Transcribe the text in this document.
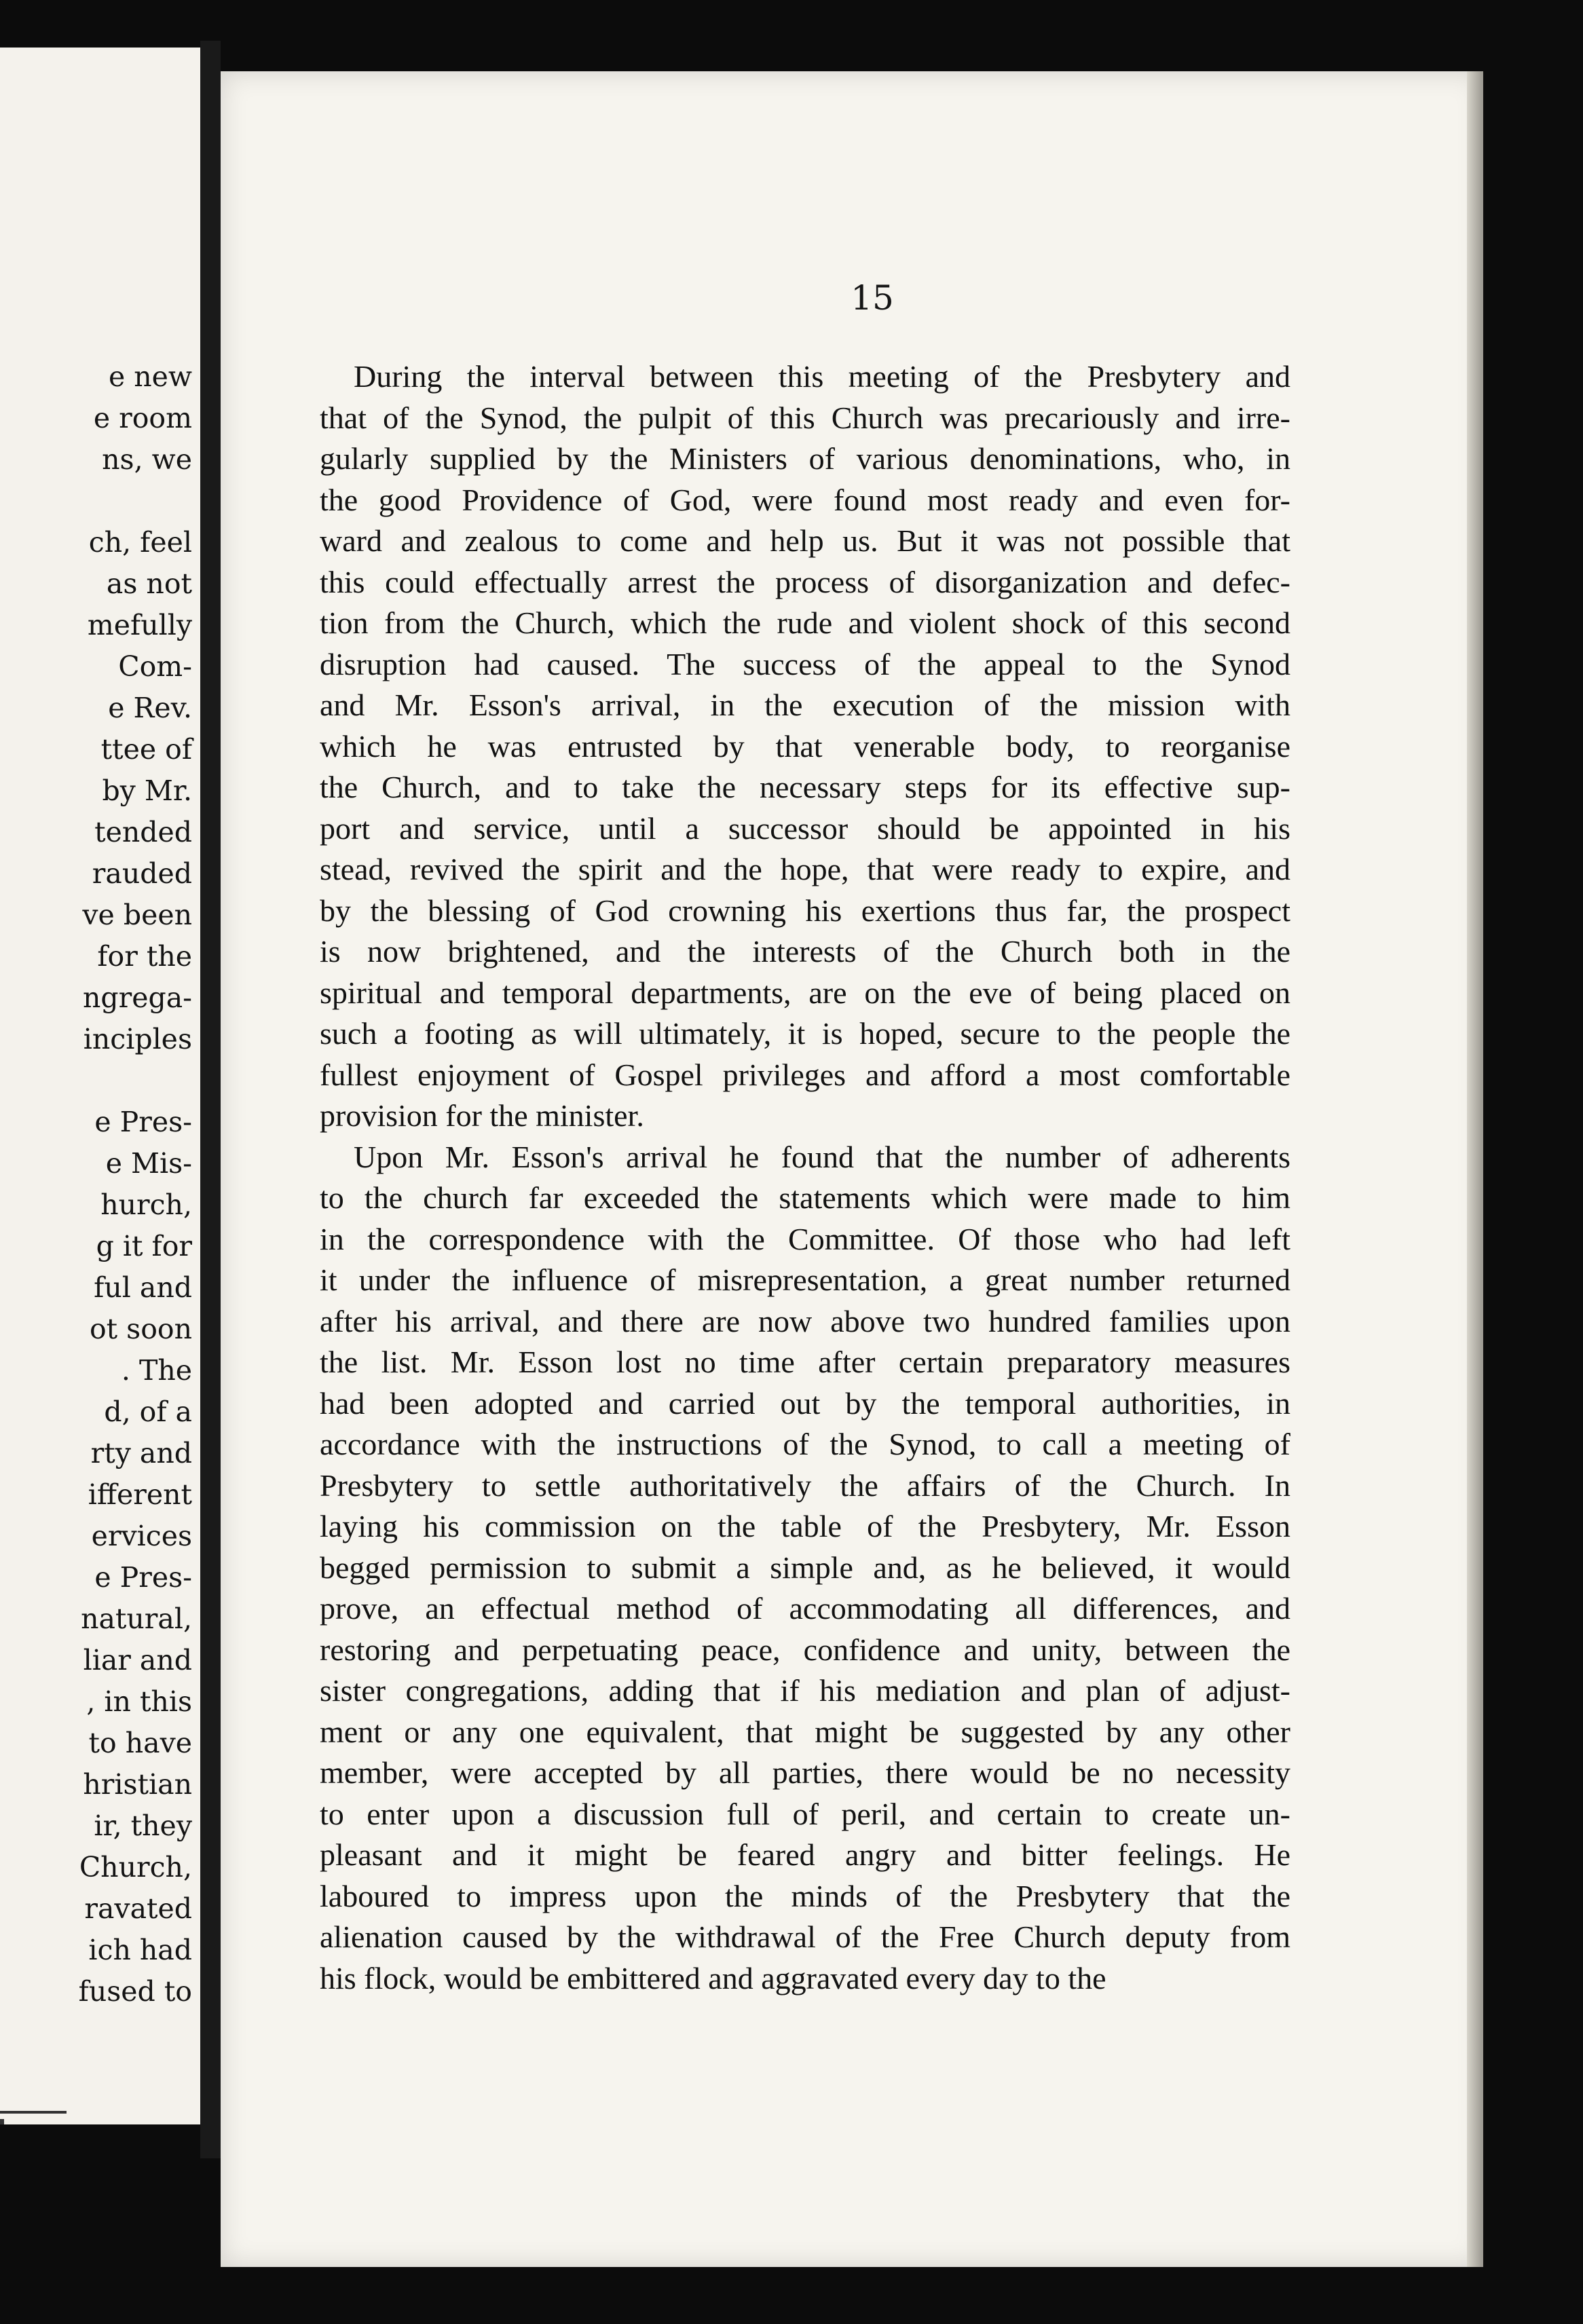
e new
e room
ns, we
ch, feel
as not
mefully
Com-
e Rev.
ttee of
by Mr.
tended
rauded
ve been
for the
ngrega-
inciples
e Pres-
e Mis-
hurch,
g it for
ful and
ot soon
. The
d, of a
rty and
ifferent
ervices
e Pres-
natural,
liar and
, in this
to have
hristian
ir, they
Church,
ravated
ich had
fused to
15

During the interval between this meeting of the Presbytery and
that of the Synod, the pulpit of this Church was precariously and irre-
gularly supplied by the Ministers of various denominations, who, in
the good Providence of God, were found most ready and even for-
ward and zealous to come and help us. But it was not possible that
this could effectually arrest the process of disorganization and defec-
tion from the Church, which the rude and violent shock of this second
disruption had caused. The success of the appeal to the Synod
and Mr. Esson's arrival, in the execution of the mission with
which he was entrusted by that venerable body, to reorganise
the Church, and to take the necessary steps for its effective sup-
port and service, until a successor should be appointed in his
stead, revived the spirit and the hope, that were ready to expire, and
by the blessing of God crowning his exertions thus far, the prospect
is now brightened, and the interests of the Church both in the
spiritual and temporal departments, are on the eve of being placed on
such a footing as will ultimately, it is hoped, secure to the people the
fullest enjoyment of Gospel privileges and afford a most comfortable
provision for the minister.

Upon Mr. Esson's arrival he found that the number of adherents
to the church far exceeded the statements which were made to him
in the correspondence with the Committee. Of those who had left
it under the influence of misrepresentation, a great number returned
after his arrival, and there are now above two hundred families upon
the list. Mr. Esson lost no time after certain preparatory measures
had been adopted and carried out by the temporal authorities, in
accordance with the instructions of the Synod, to call a meeting of
Presbytery to settle authoritatively the affairs of the Church. In
laying his commission on the table of the Presbytery, Mr. Esson
begged permission to submit a simple and, as he believed, it would
prove, an effectual method of accommodating all differences, and
restoring and perpetuating peace, confidence and unity, between the
sister congregations, adding that if his mediation and plan of adjust-
ment or any one equivalent, that might be suggested by any other
member, were accepted by all parties, there would be no necessity
to enter upon a discussion full of peril, and certain to create un-
pleasant and it might be feared angry and bitter feelings. He
laboured to impress upon the minds of the Presbytery that the
alienation caused by the withdrawal of the Free Church deputy from
his flock, would be embittered and aggravated every day to the
